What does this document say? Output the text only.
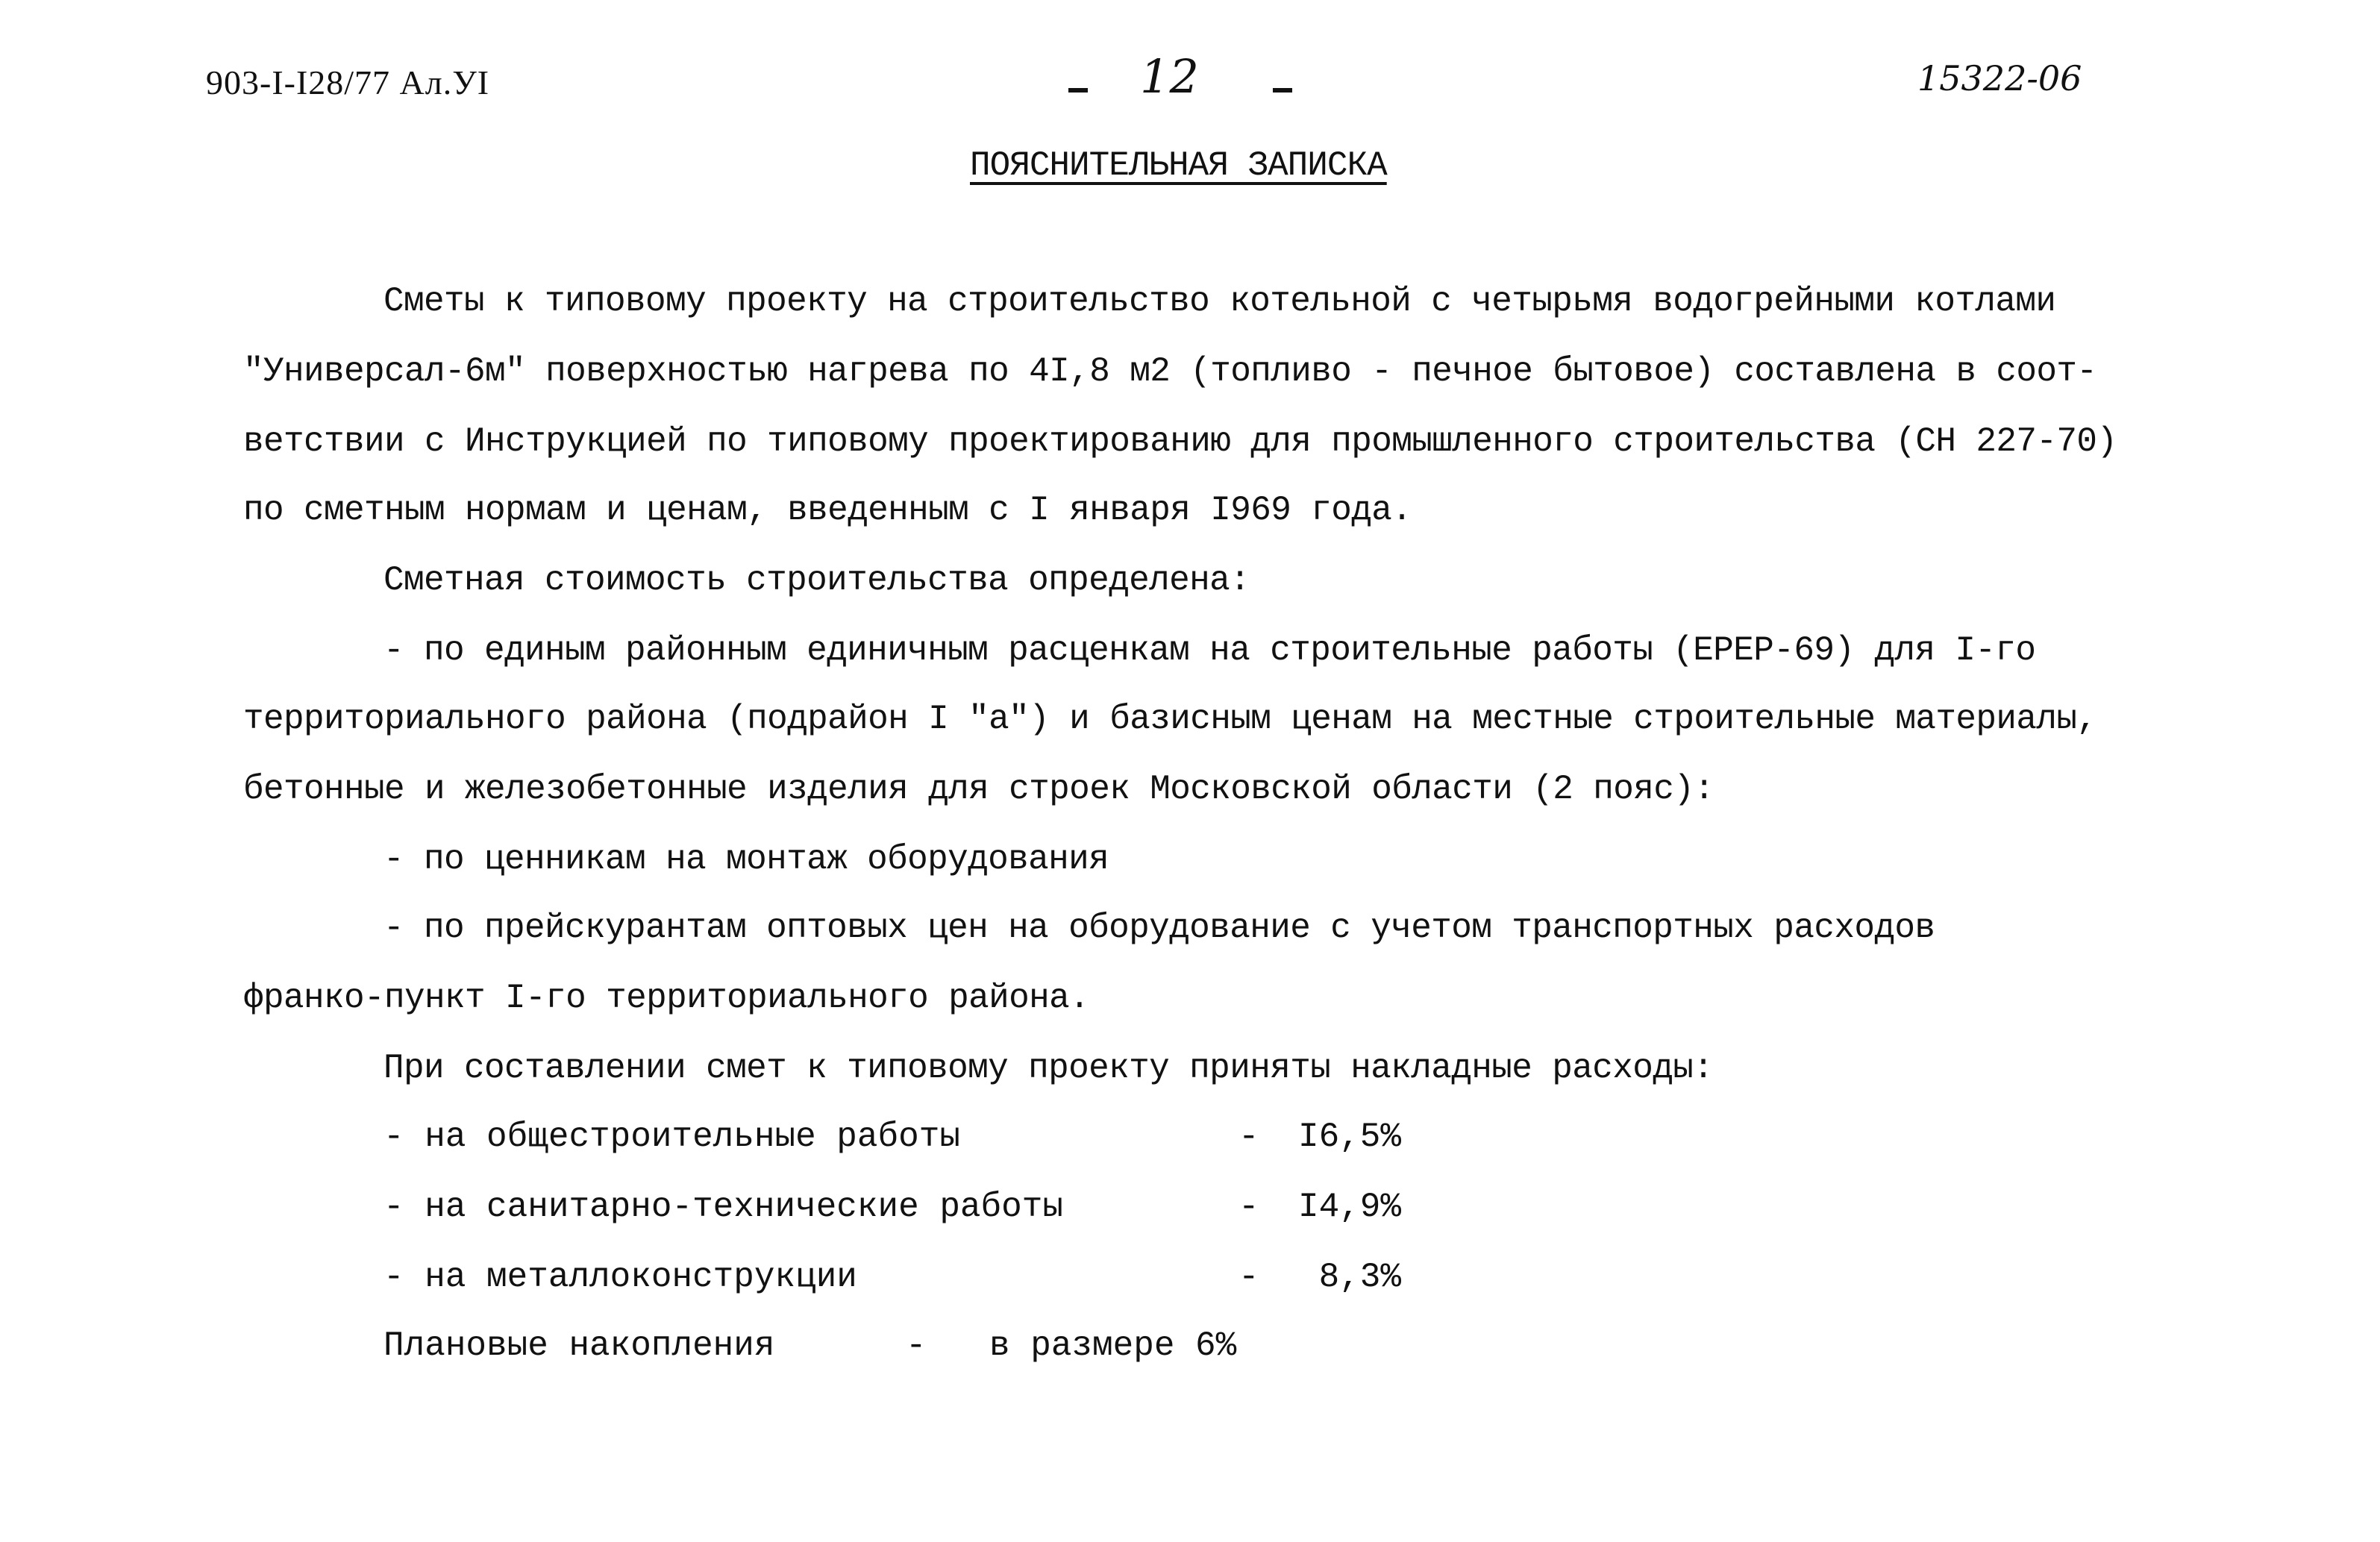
903-I-I28/77 Ал.УI	12	15322-06
ПОЯСНИТЕЛЬНАЯ ЗАПИСКА
Сметы к типовому проекту на строительство котельной с четырьмя водогрейными котлами
"Универсал-6м" поверхностью нагрева по 4I,8 м2 (топливо - печное бытовое) составлена в соот-
ветствии с Инструкцией по типовому проектированию для промышленного строительства (СН 227-70)
по сметным нормам и ценам, введенным с I января I969 года.
Сметная стоимость строительства определена:
- по единым районным единичным расценкам на строительные работы (ЕРЕР-69) для I-го
территориального района (подрайон I "а") и базисным ценам на местные строительные материалы,
бетонные и железобетонные изделия для строек Московской области (2 пояс):
- по ценникам на монтаж оборудования
- по прейскурантам оптовых цен на оборудование с учетом транспортных расходов
франко-пункт I-го территориального района.
При составлении смет к типовому проекту приняты накладные расходы:
- на общестроительные работы	-	I6,5%
- на санитарно-технические работы	-	I4,9%
- на металлоконструкции	-	8,3%
Плановые накопления	- в размере 6%
